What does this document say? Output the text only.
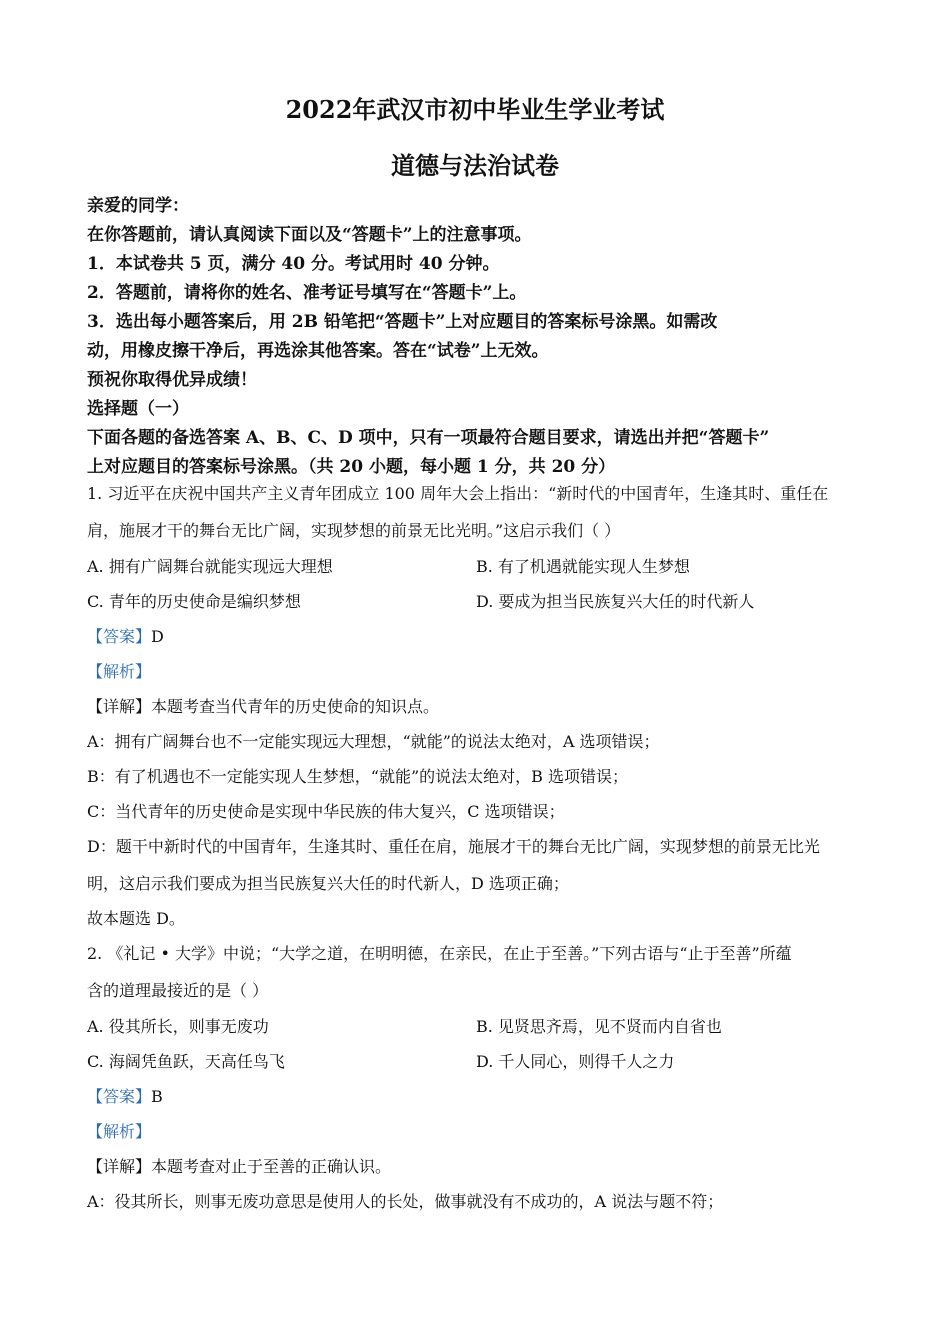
2022年武汉市初中毕业生学业考试
道德与法治试卷
亲爱的同学：
在你答题前，请认真阅读下面以及“答题卡”上的注意事项。
1．本试卷共 5 页，满分 40 分。考试用时 40 分钟。
2．答题前，请将你的姓名、准考证号填写在“答题卡”上。
3．选出每小题答案后，用 2B 铅笔把“答题卡”上对应题目的答案标号涂黑。如需改
动，用橡皮擦干净后，再选涂其他答案。答在“试卷”上无效。
预祝你取得优异成绩！
选择题（一）
下面各题的备选答案 A、B、C、D 项中，只有一项最符合题目要求，请选出并把“答题卡”
上对应题目的答案标号涂黑。（共 20 小题，每小题 1 分，共 20 分）
1. 习近平在庆祝中国共产主义青年团成立 100 周年大会上指出：“新时代的中国青年，生逢其时、重任在
肩，施展才干的舞台无比广阔，实现梦想的前景无比光明。”这启示我们（ ）
A. 拥有广阔舞台就能实现远大理想	B. 有了机遇就能实现人生梦想
C. 青年的历史使命是编织梦想	D. 要成为担当民族复兴大任的时代新人
【答案】D
【解析】
【详解】本题考查当代青年的历史使命的知识点。
A：拥有广阔舞台也不一定能实现远大理想，“就能”的说法太绝对，A 选项错误；
B：有了机遇也不一定能实现人生梦想，“就能”的说法太绝对，B 选项错误；
C：当代青年的历史使命是实现中华民族的伟大复兴，C 选项错误；
D：题干中新时代的中国青年，生逢其时、重任在肩，施展才干的舞台无比广阔，实现梦想的前景无比光
明，这启示我们要成为担当民族复兴大任的时代新人，D 选项正确；
故本题选 D。
2. 《礼记 • 大学》中说；“大学之道，在明明德，在亲民，在止于至善。”下列古语与“止于至善”所蕴
含的道理最接近的是（ ）
A. 役其所长，则事无废功	B. 见贤思齐焉，见不贤而内自省也
C. 海阔凭鱼跃，天高任鸟飞	D. 千人同心，则得千人之力
【答案】B
【解析】
【详解】本题考查对止于至善的正确认识。
A：役其所长，则事无废功意思是使用人的长处，做事就没有不成功的，A 说法与题不符；
